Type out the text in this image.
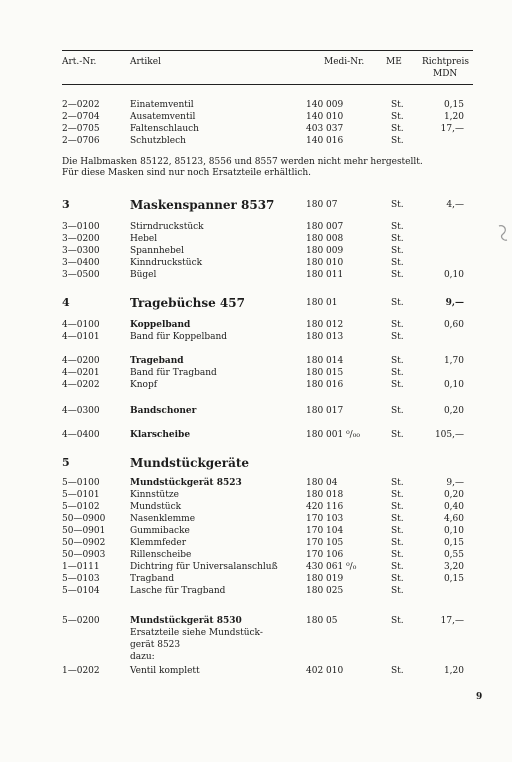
Art.-Nr.	Artikel	Medi-Nr. ME Richtpreis
MDN
2—0202	Einatemventil	140 009	St.	0,15
2—0704	Ausatemventil	140 010	St.	1,20
2—0705	Faltenschlauch	403 037	St.	17,—
2—0706	Schutzblech	140 016	St.
Die Halbmasken 85122, 85123, 8556 und 8557 werden nicht mehr hergestellt.
Für diese Masken sind nur noch Ersatzteile erhältlich.
3	Maskenspanner 8537	180 07	St.	4,—
3—0100	Stirndruckstück	180 007	St.
3—0200	Hebel	180 008	St.
3—0300	Spannhebel	180 009	St.
3—0400	Kinndruckstück	180 010	St.
3—0500	Bügel	180 011	St.	0,10
4	Tragebüchse 457	180 01	St.	9,—
4—0100	Koppelband	180 012	St.	0,60
4—0101	Band für Koppelband	180 013	St.
4—0200	Trageband	180 014	St.	1,70
4—0201	Band für Tragband	180 015	St.
4—0202	Knopf	180 016	St.	0,10
4—0300	Bandschoner	180 017	St.	0,20
4—0400	Klarscheibe	180 001 ⁰/₀₀	St.	105,—
5	Mundstückgeräte
5—0100	Mundstückgerät 8523	180 04	St.	9,—
5—0101	Kinnstütze	180 018	St.	0,20
5—0102	Mundstück	420 116	St.	0,40
50—0900	Nasenklemme	170 103	St.	4,60
50—0901	Gummibacke	170 104	St.	0,10
50—0902	Klemmfeder	170 105	St.	0,15
50—0903	Rillenscheibe	170 106	St.	0,55
1—0111	Dichtring für Universalanschluß	430 061 ⁰/₀	St.	3,20
5—0103	Tragband	180 019	St.	0,15
5—0104	Lasche für Tragband	180 025	St.
5—0200	Mundstückgerät 8530	180 05	St.	17,—
Ersatzteile siehe Mundstück-
gerät 8523
dazu:
1—0202	Ventil komplett	402 010	St.	1,20
9
